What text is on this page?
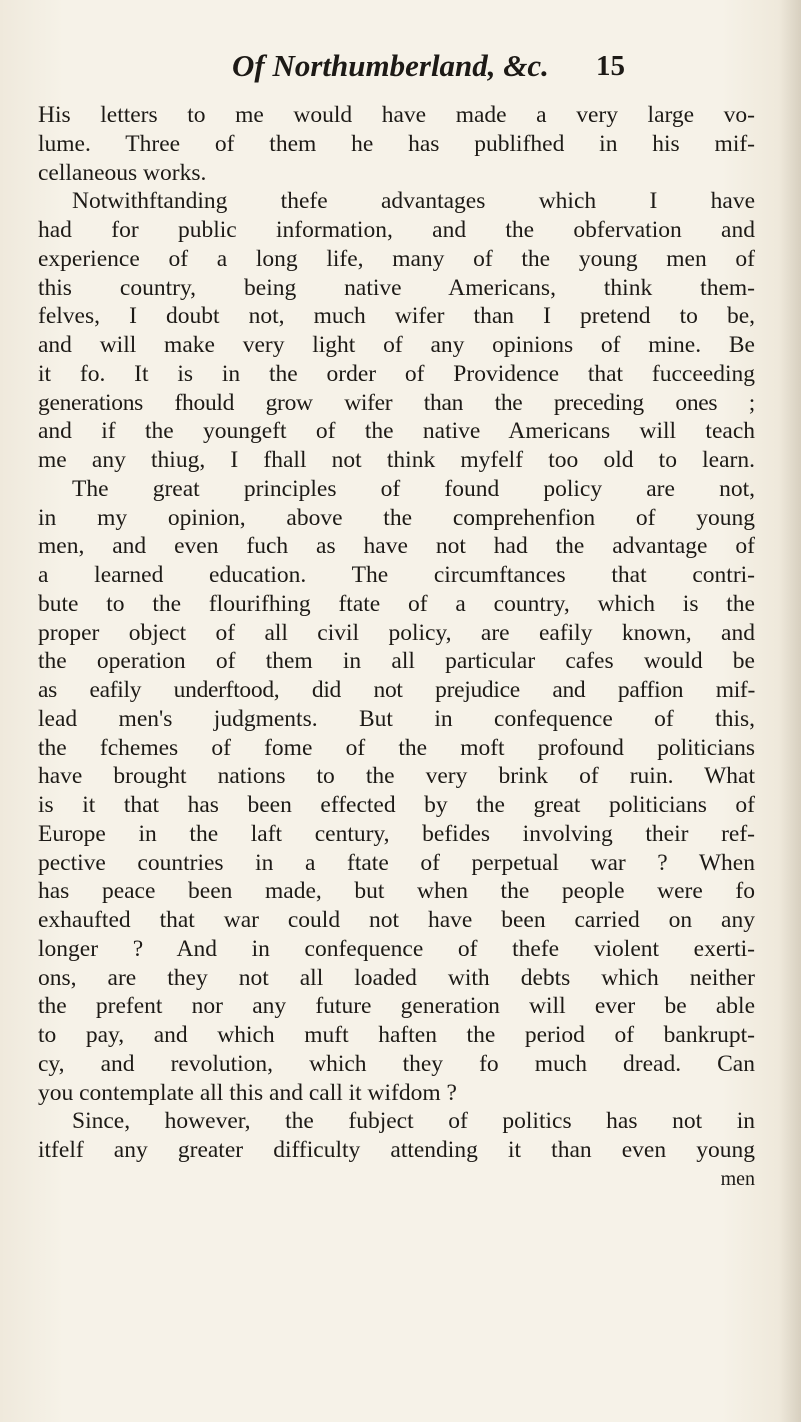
Of Northumberland, &c.	15
His letters to me would have made a very large vo-
lume. Three of them he has publifhed in his mif-
cellaneous works.
Notwithftanding thefe advantages which I have
had for public information, and the obfervation and
experience of a long life, many of the young men of
this country, being native Americans, think them-
felves, I doubt not, much wifer than I pretend to be,
and will make very light of any opinions of mine. Be
it fo. It is in the order of Providence that fucceeding
generations fhould grow wifer than the preceding ones ;
and if the youngeft of the native Americans will teach
me any thiug, I fhall not think myfelf too old to learn.
The great principles of found policy are not,
in my opinion, above the comprehenfion of young
men, and even fuch as have not had the advantage of
a learned education. The circumftances that contri-
bute to the flourifhing ftate of a country, which is the
proper object of all civil policy, are eafily known, and
the operation of them in all particular cafes would be
as eafily underftood, did not prejudice and paffion mif-
lead men's judgments. But in confequence of this,
the fchemes of fome of the moft profound politicians
have brought nations to the very brink of ruin. What
is it that has been effected by the great politicians of
Europe in the laft century, befides involving their ref-
pective countries in a ftate of perpetual war ? When
has peace been made, but when the people were fo
exhaufted that war could not have been carried on any
longer ? And in confequence of thefe violent exerti-
ons, are they not all loaded with debts which neither
the prefent nor any future generation will ever be able
to pay, and which muft haften the period of bankrupt-
cy, and revolution, which they fo much dread. Can
you contemplate all this and call it wifdom ?
Since, however, the fubject of politics has not in
itfelf any greater difficulty attending it than even young
men
